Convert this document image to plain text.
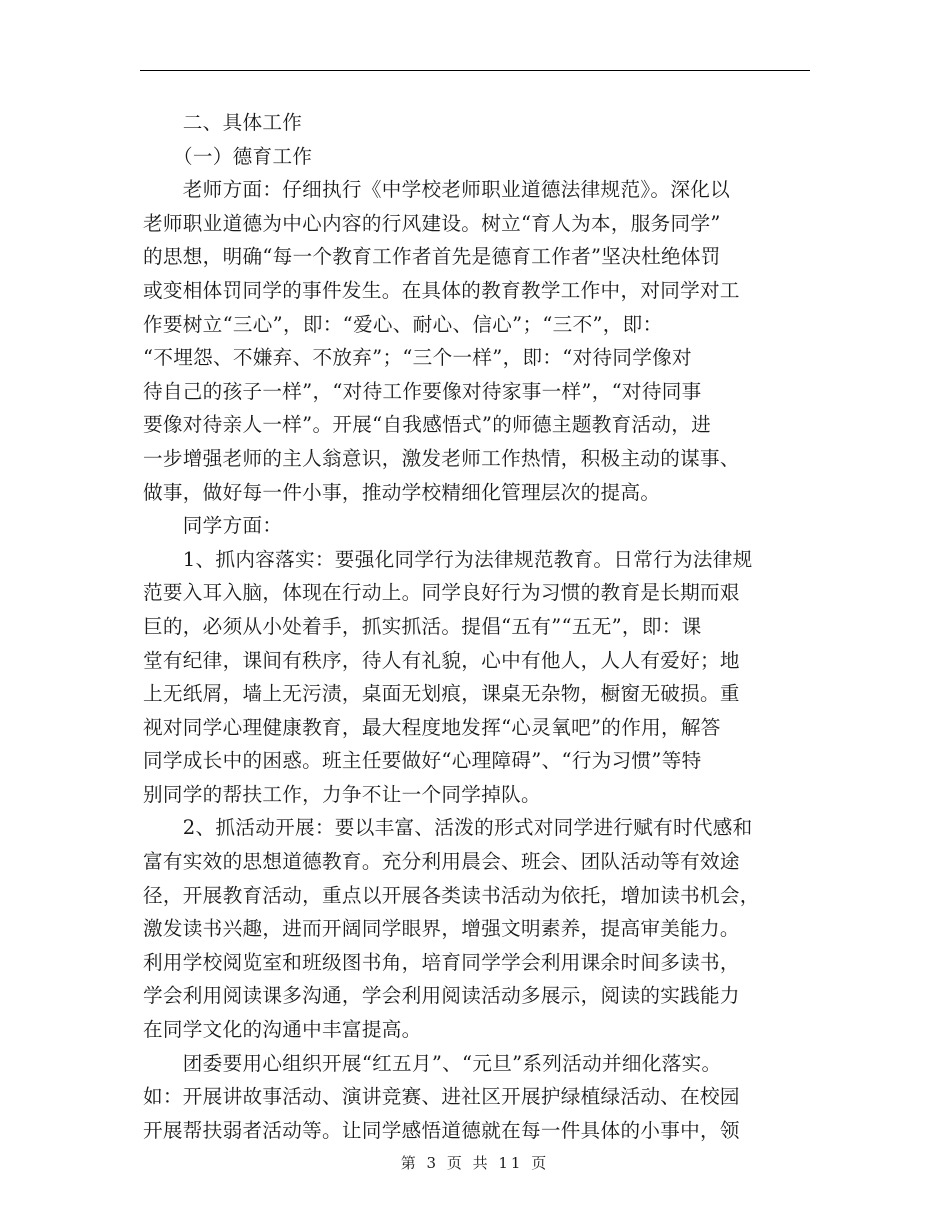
　　二、具体工作
　　（一）德育工作
　　老师方面：仔细执行《中学校老师职业道德法律规范》。深化以
老师职业道德为中心内容的行风建设。树立“育人为本，服务同学”
的思想，明确“每一个教育工作者首先是德育工作者”坚决杜绝体罚
或变相体罚同学的事件发生。在具体的教育教学工作中，对同学对工
作要树立“三心”，即：“爱心、耐心、信心”；“三不”，即：
“不埋怨、不嫌弃、不放弃”；“三个一样”，即：“对待同学像对
待自己的孩子一样”，“对待工作要像对待家事一样”，“对待同事
要像对待亲人一样”。开展“自我感悟式”的师德主题教育活动，进
一步增强老师的主人翁意识，激发老师工作热情，积极主动的谋事、
做事，做好每一件小事，推动学校精细化管理层次的提高。
　　同学方面：
　　1、抓内容落实：要强化同学行为法律规范教育。日常行为法律规
范要入耳入脑，体现在行动上。同学良好行为习惯的教育是长期而艰
巨的，必须从小处着手，抓实抓活。提倡“五有”“五无”，即：课
堂有纪律，课间有秩序，待人有礼貌，心中有他人，人人有爱好；地
上无纸屑，墙上无污渍，桌面无划痕，课桌无杂物，橱窗无破损。重
视对同学心理健康教育，最大程度地发挥“心灵氧吧”的作用，解答
同学成长中的困惑。班主任要做好“心理障碍”、“行为习惯”等特
别同学的帮扶工作，力争不让一个同学掉队。
　　2、抓活动开展：要以丰富、活泼的形式对同学进行赋有时代感和
富有实效的思想道德教育。充分利用晨会、班会、团队活动等有效途
径，开展教育活动，重点以开展各类读书活动为依托，增加读书机会，
激发读书兴趣，进而开阔同学眼界，增强文明素养，提高审美能力。
利用学校阅览室和班级图书角，培育同学学会利用课余时间多读书，
学会利用阅读课多沟通，学会利用阅读活动多展示，阅读的实践能力
在同学文化的沟通中丰富提高。
　　团委要用心组织开展“红五月”、“元旦”系列活动并细化落实。
如：开展讲故事活动、演讲竞赛、进社区开展护绿植绿活动、在校园
开展帮扶弱者活动等。让同学感悟道德就在每一件具体的小事中，领
第 3 页 共 11 页
